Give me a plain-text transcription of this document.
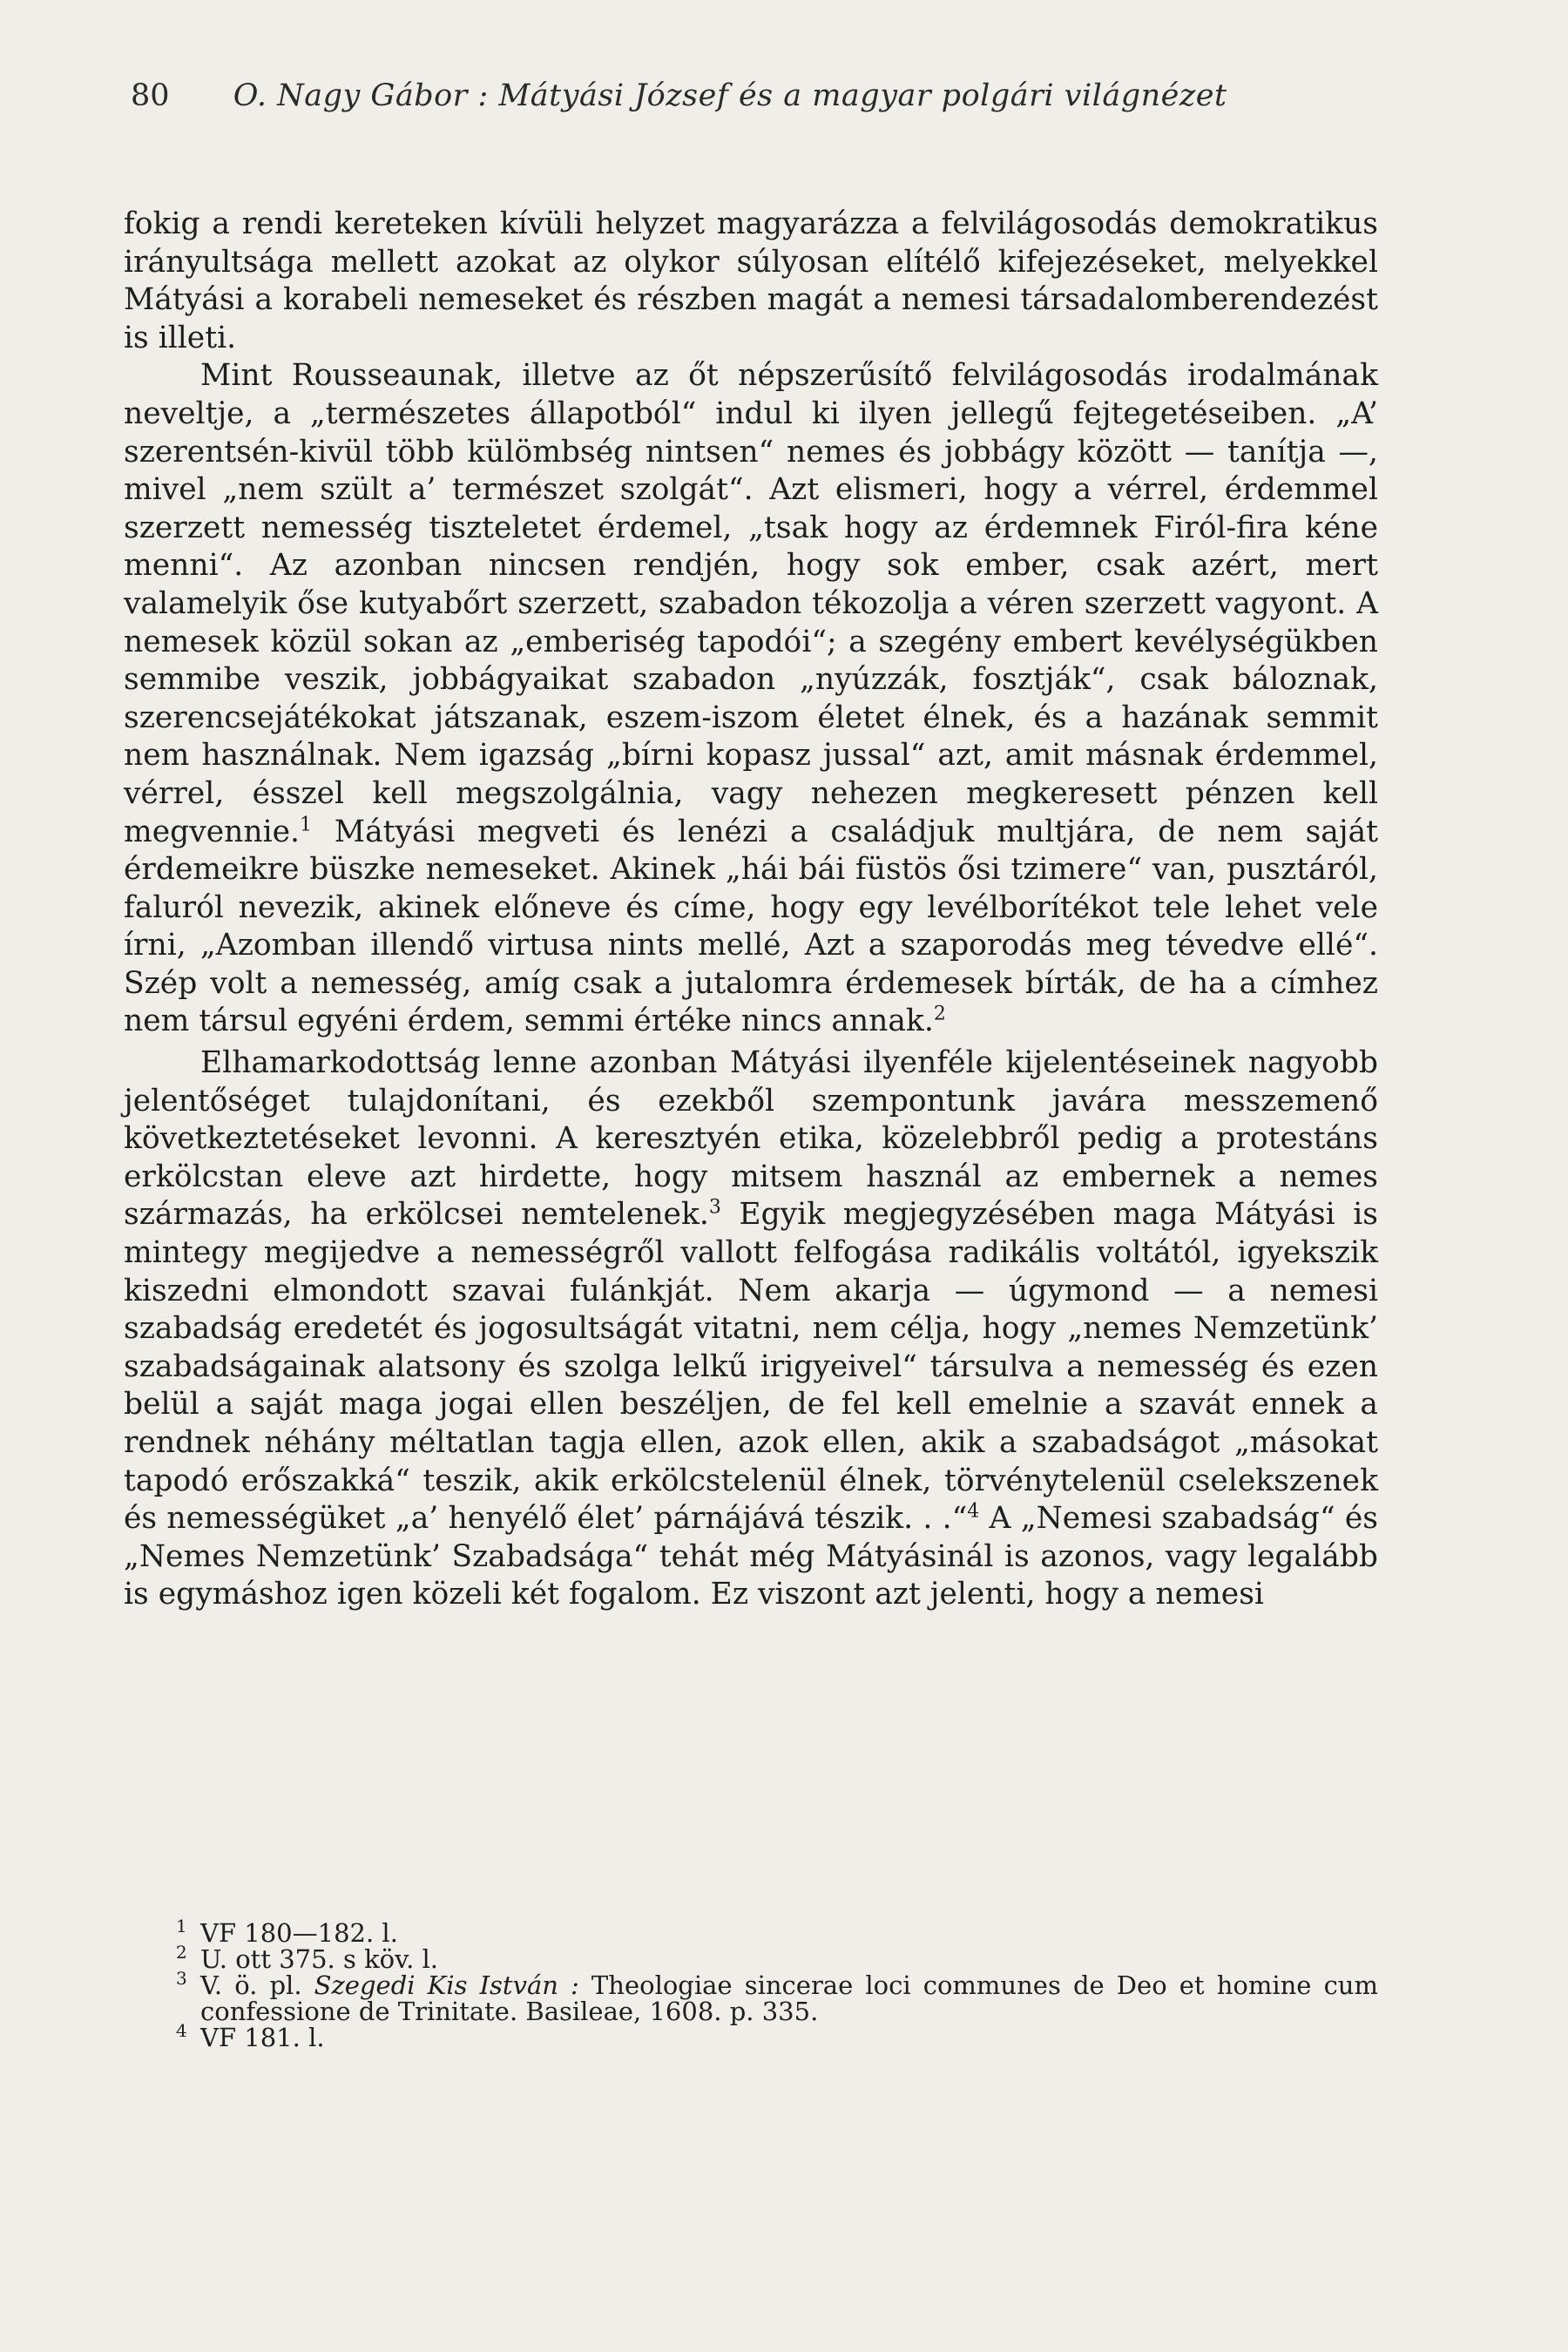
80 O. Nagy Gábor : Mátyási József és a magyar polgári világnézet

fokig a rendi kereteken kívüli helyzet magyarázza a felvilágosodás demokratikus irányultsága mellett azokat az olykor súlyosan elítélő kifejezéseket, melyekkel Mátyási a korabeli nemeseket és részben magát a nemesi társadalomberendezést is illeti.

Mint Rousseaunak, illetve az őt népszerűsítő felvilágosodás irodalmának neveltje, a „természetes állapotból“ indul ki ilyen jellegű fejtegetéseiben. „A’ szerentsén-kivül több külömbség nintsen“ nemes és jobbágy között — tanítja —, mivel „nem szült a’ természet szolgát“. Azt elismeri, hogy a vérrel, érdemmel szerzett nemesség tiszteletet érdemel, „tsak hogy az érdemnek Firól-fira kéne menni“. Az azonban nincsen rendjén, hogy sok ember, csak azért, mert valamelyik őse kutyabőrt szerzett, szabadon tékozolja a véren szerzett vagyont. A nemesek közül sokan az „emberiség tapodói“; a szegény embert kevélységükben semmibe veszik, jobbágyaikat szabadon „nyúzzák, fosztják“, csak báloznak, szerencsejátékokat játszanak, eszem-iszom életet élnek, és a hazának semmit nem használnak. Nem igazság „bírni kopasz jussal“ azt, amit másnak érdemmel, vérrel, ésszel kell megszolgálnia, vagy nehezen megkeresett pénzen kell megvennie.$^1$ Mátyási megveti és lenézi a családjuk multjára, de nem saját érdemeikre büszke nemeseket. Akinek „hái bái füstös ősi tzimere“ van, pusztáról, faluról nevezik, akinek előneve és címe, hogy egy levélborítékot tele lehet vele írni, „Azomban illendő virtusa nints mellé, Azt a szaporodás meg tévedve ellé“. Szép volt a nemesség, amíg csak a jutalomra érdemesek bírták, de ha a címhez nem társul egyéni érdem, semmi értéke nincs annak.$^2$

Elhamarkodottság lenne azonban Mátyási ilyenféle kijelentéseinek nagyobb jelentőséget tulajdonítani, és ezekből szempontunk javára messzemenő következtetéseket levonni. A keresztyén etika, közelebbről pedig a protestáns erkölcstan eleve azt hirdette, hogy mitsem használ az embernek a nemes származás, ha erkölcsei nemtelenek.$^3$ Egyik megjegyzésében maga Mátyási is mintegy megijedve a nemességről vallott felfogása radikális voltától, igyekszik kiszedni elmondott szavai fulánkját. Nem akarja — úgymond — a nemesi szabadság eredetét és jogosultságát vitatni, nem célja, hogy „nemes Nemzetünk’ szabadságainak alatsony és szolga lelkű irigyeivel“ társulva a nemesség és ezen belül a saját maga jogai ellen beszéljen, de fel kell emelnie a szavát ennek a rendnek néhány méltatlan tagja ellen, azok ellen, akik a szabadságot „másokat tapodó erőszakká“ teszik, akik erkölcstelenül élnek, törvénytelenül cselekszenek és nemességüket „a’ henyélő élet’ párnájává tészik. . .“$^4$ A „Nemesi szabadság“ és „Nemes Nemzetünk’ Szabadsága“ tehát még Mátyásinál is azonos, vagy legalább is egymáshoz igen közeli két fogalom. Ez viszont azt jelenti, hogy a nemesi

1 VF 180—182. l.

2 U. ott 375. s köv. l.

3 V. ö. pl. Szegedi Kis István : Theologiae sincerae loci communes de Deo et homine cum confessione de Trinitate. Basileae, 1608. p. 335.

4 VF 181. l.
